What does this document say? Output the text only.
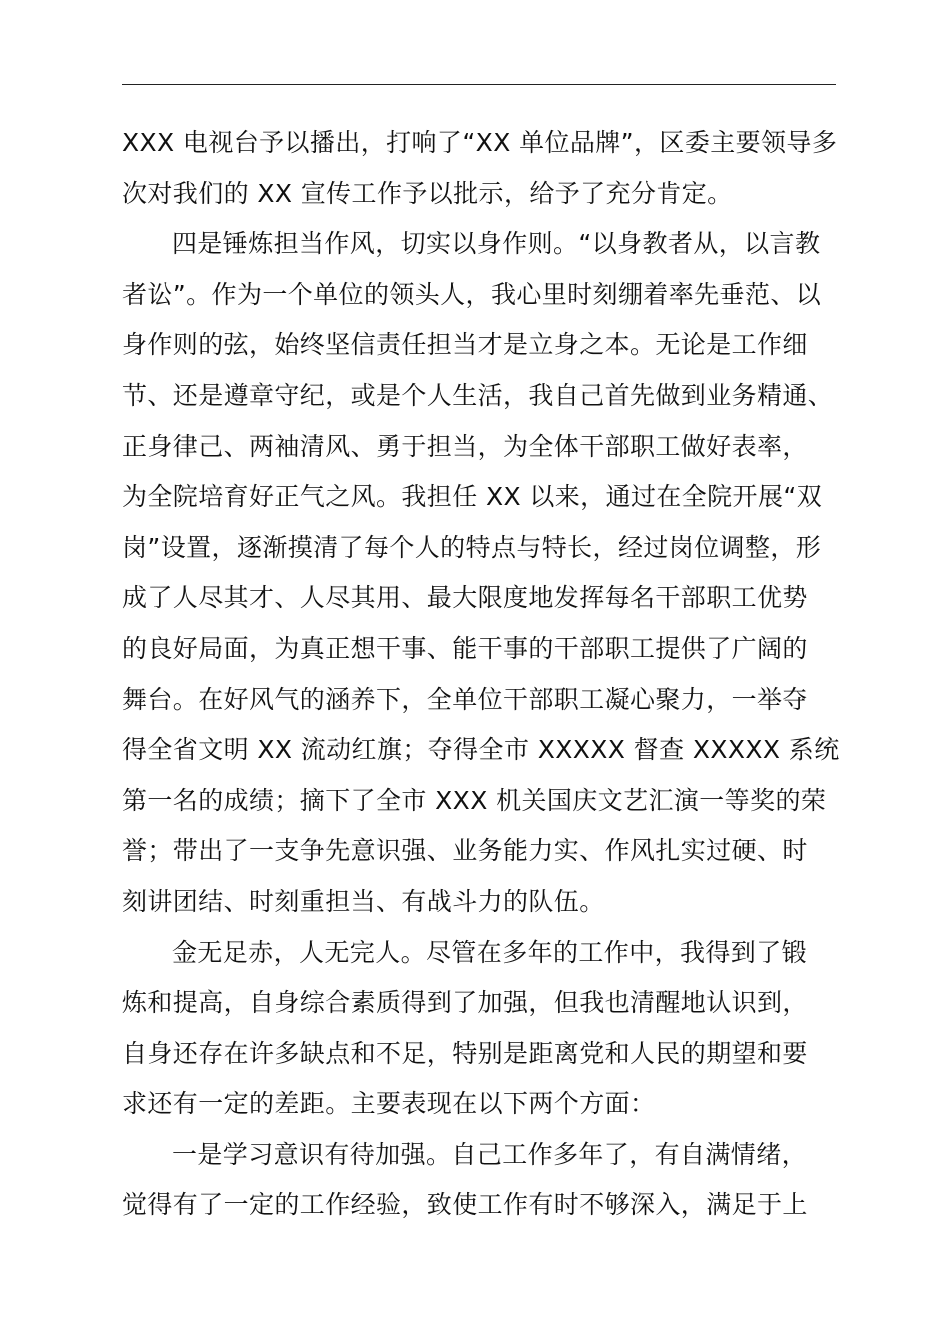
XXX 电视台予以播出，打响了“XX 单位品牌”，区委主要领导多
次对我们的 XX 宣传工作予以批示，给予了充分肯定。
四是锤炼担当作风，切实以身作则。“以身教者从，以言教
者讼”。作为一个单位的领头人，我心里时刻绷着率先垂范、以
身作则的弦，始终坚信责任担当才是立身之本。无论是工作细
节、还是遵章守纪，或是个人生活，我自己首先做到业务精通、
正身律己、两袖清风、勇于担当，为全体干部职工做好表率，
为全院培育好正气之风。我担任 XX 以来，通过在全院开展“双
岗”设置，逐渐摸清了每个人的特点与特长，经过岗位调整，形
成了人尽其才、人尽其用、最大限度地发挥每名干部职工优势
的良好局面，为真正想干事、能干事的干部职工提供了广阔的
舞台。在好风气的涵养下，全单位干部职工凝心聚力，一举夺
得全省文明 XX 流动红旗；夺得全市 XXXXX 督查 XXXXX 系统
第一名的成绩；摘下了全市 XXX 机关国庆文艺汇演一等奖的荣
誉；带出了一支争先意识强、业务能力实、作风扎实过硬、时
刻讲团结、时刻重担当、有战斗力的队伍。
金无足赤，人无完人。尽管在多年的工作中，我得到了锻
炼和提高，自身综合素质得到了加强，但我也清醒地认识到，
自身还存在许多缺点和不足，特别是距离党和人民的期望和要
求还有一定的差距。主要表现在以下两个方面：
一是学习意识有待加强。自己工作多年了，有自满情绪，
觉得有了一定的工作经验，致使工作有时不够深入，满足于上
